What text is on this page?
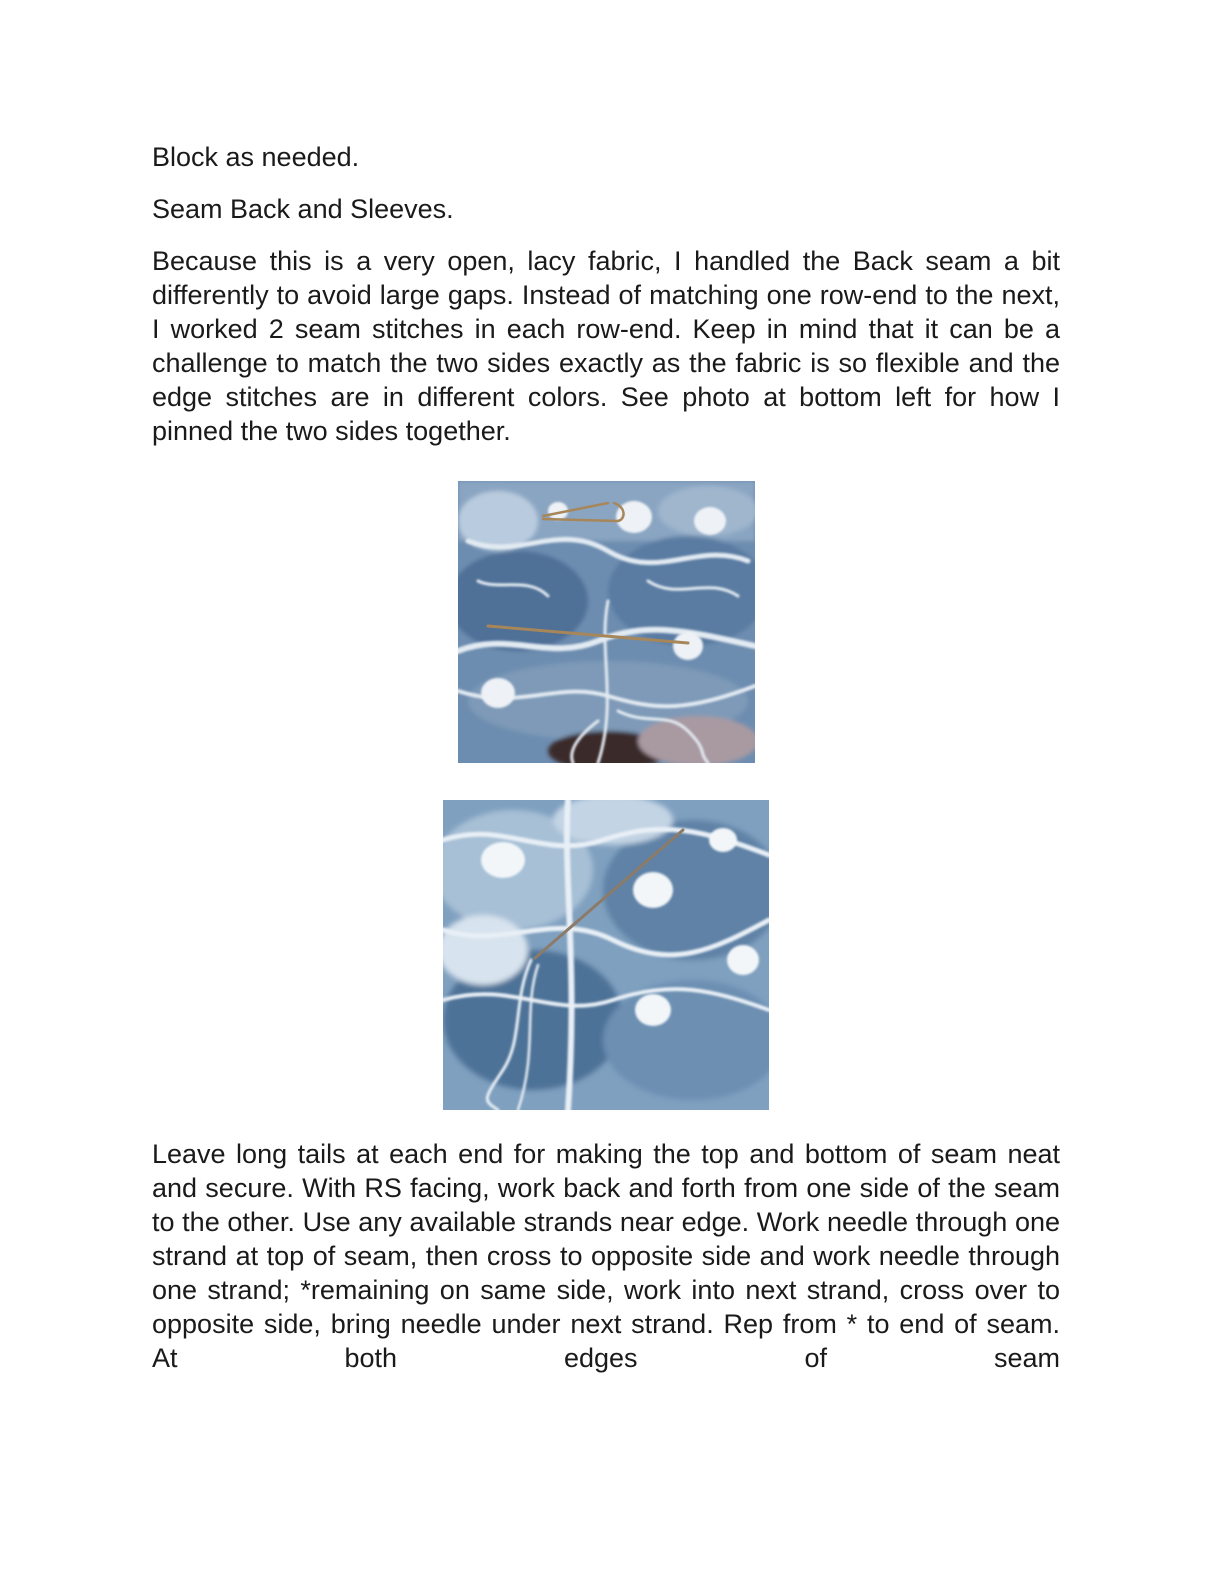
Block as needed.

Seam Back and Sleeves.

Because this is a very open, lacy fabric, I handled the Back seam a bit differently to avoid large gaps. Instead of matching one row-end to the next, I worked 2 seam stitches in each row-end. Keep in mind that it can be a challenge to match the two sides exactly as the fabric is so flexible and the edge stitches are in different colors. See photo at bottom left for how I pinned the two sides together.

Leave long tails at each end for making the top and bottom of seam neat and secure. With RS facing, work back and forth from one side of the seam to the other. Use any available strands near edge. Work needle through one strand at top of seam, then cross to opposite side and work needle through one strand; *remaining on same side, work into next strand, cross over to opposite side, bring needle under next strand. Rep from * to end of seam. At both edges of seam
